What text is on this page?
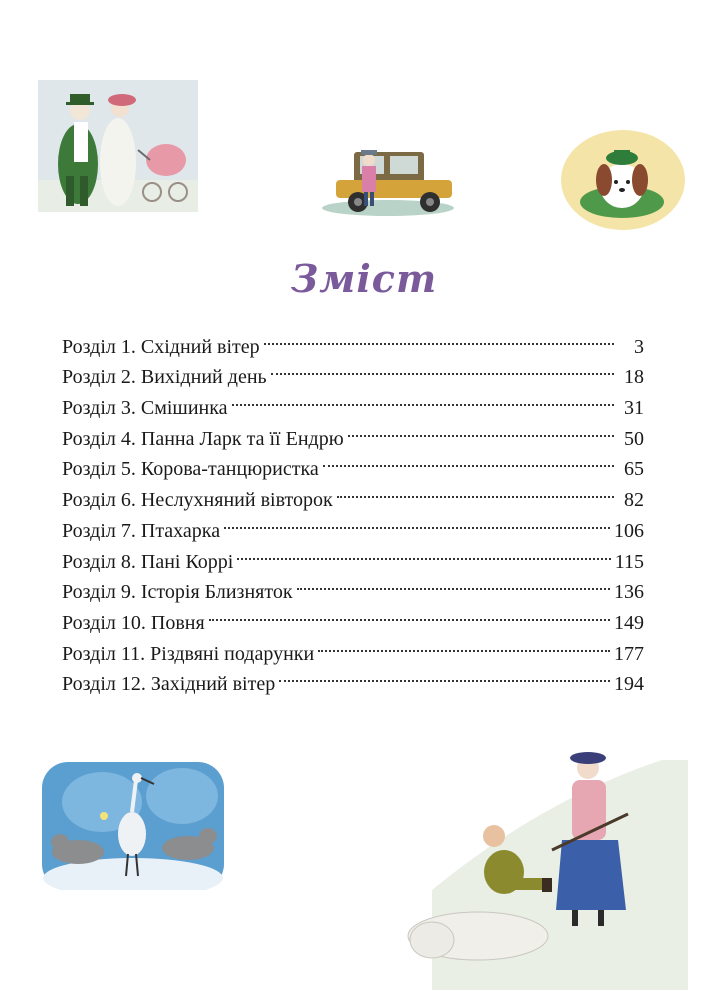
Зміст
Розділ 1. Східний вітер	3
Розділ 2. Вихідний день	18
Розділ 3. Смішинка	31
Розділ 4. Панна Ларк та її Ендрю	50
Розділ 5. Корова-танцюристка	65
Розділ 6. Неслухняний вівторок	82
Розділ 7. Птахарка	106
Розділ 8. Пані Коррі	115
Розділ 9. Історія Близняток	136
Розділ 10. Повня	149
Розділ 11. Різдвяні подарунки	177
Розділ 12. Західний вітер	194
